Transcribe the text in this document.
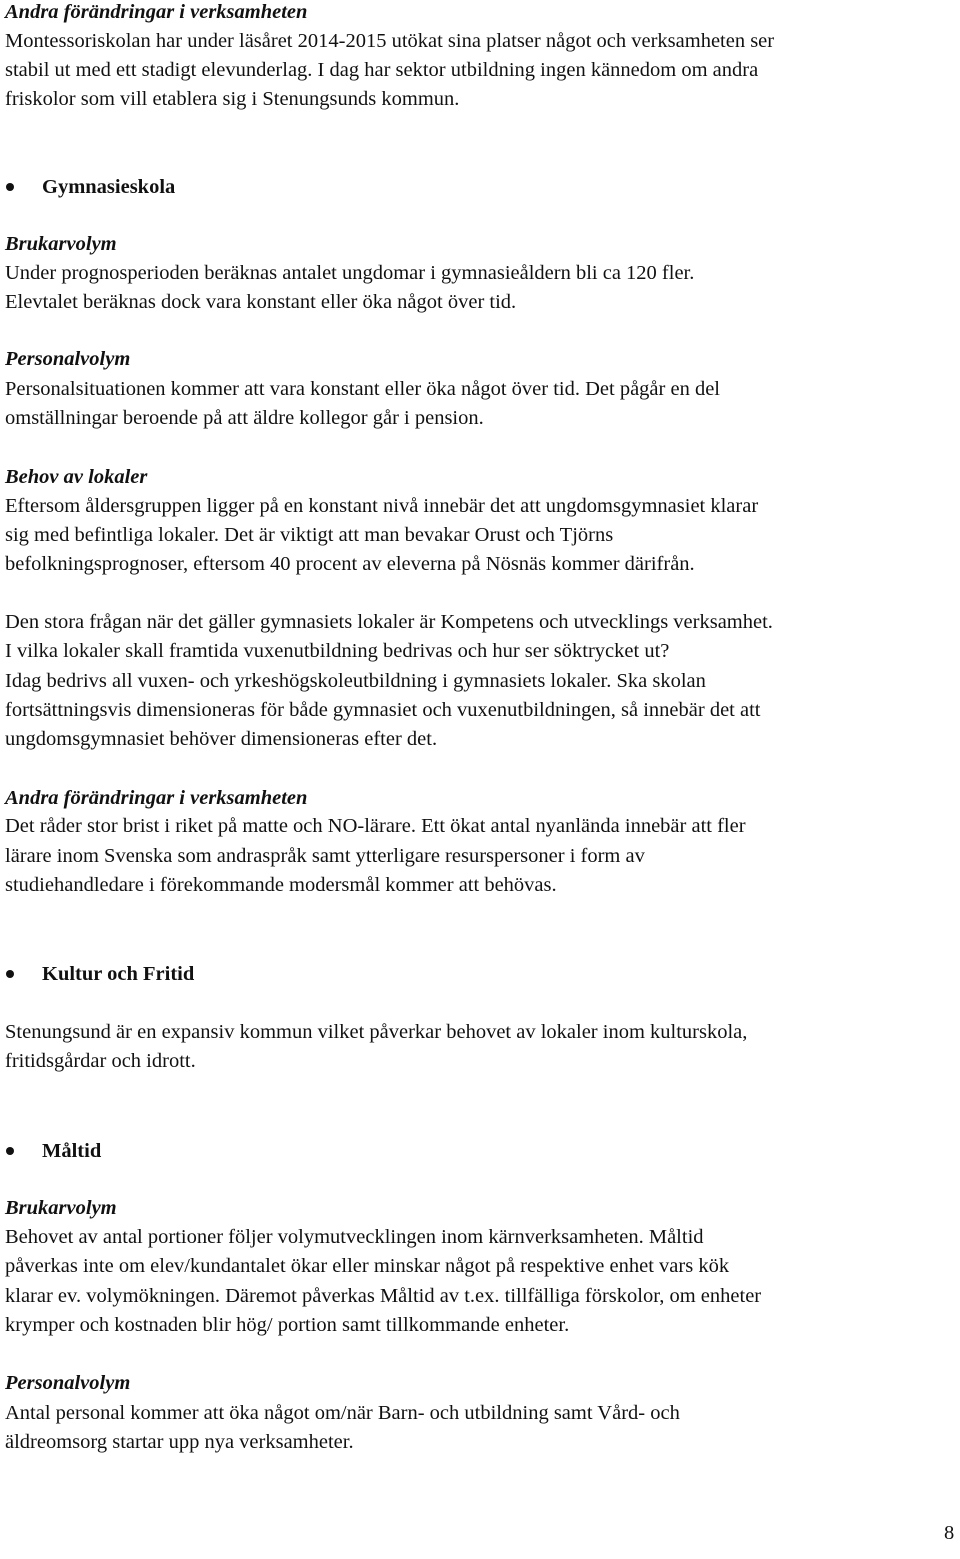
Andra förändringar i verksamheten

Montessoriskolan har under läsåret 2014-2015 utökat sina platser något och verksamheten ser

stabil ut med ett stadigt elevunderlag. I dag har sektor utbildning ingen kännedom om andra

friskolor som vill etablera sig i Stenungsunds kommun.

Gymnasieskola

Brukarvolym

Under prognosperioden beräknas antalet ungdomar i gymnasieåldern bli ca 120 fler.

Elevtalet beräknas dock vara konstant eller öka något över tid.

Personalvolym

Personalsituationen kommer att vara konstant eller öka något över tid. Det pågår en del

omställningar beroende på att äldre kollegor går i pension.

Behov av lokaler

Eftersom åldersgruppen ligger på en konstant nivå innebär det att ungdomsgymnasiet klarar

sig med befintliga lokaler. Det är viktigt att man bevakar Orust och Tjörns

befolkningsprognoser, eftersom 40 procent av eleverna på Nösnäs kommer därifrån.

Den stora frågan när det gäller gymnasiets lokaler är Kompetens och utvecklings verksamhet.

I vilka lokaler skall framtida vuxenutbildning bedrivas och hur ser söktrycket ut?

Idag bedrivs all vuxen- och yrkeshögskoleutbildning i gymnasiets lokaler. Ska skolan

fortsättningsvis dimensioneras för både gymnasiet och vuxenutbildningen, så innebär det att

ungdomsgymnasiet behöver dimensioneras efter det.

Andra förändringar i verksamheten

Det råder stor brist i riket på matte och NO-lärare. Ett ökat antal nyanlända innebär att fler

lärare inom Svenska som andraspråk samt ytterligare resurspersoner i form av

studiehandledare i förekommande modersmål kommer att behövas.

Kultur och Fritid

Stenungsund är en expansiv kommun vilket påverkar behovet av lokaler inom kulturskola,

fritidsgårdar och idrott.

Måltid

Brukarvolym

Behovet av antal portioner följer volymutvecklingen inom kärnverksamheten. Måltid

påverkas inte om elev/kundantalet ökar eller minskar något på respektive enhet vars kök

klarar ev. volymökningen. Däremot påverkas Måltid av t.ex. tillfälliga förskolor, om enheter

krymper och kostnaden blir hög/ portion samt tillkommande enheter.

Personalvolym

Antal personal kommer att öka något om/när Barn- och utbildning samt Vård- och

äldreomsorg startar upp nya verksamheter.

8
